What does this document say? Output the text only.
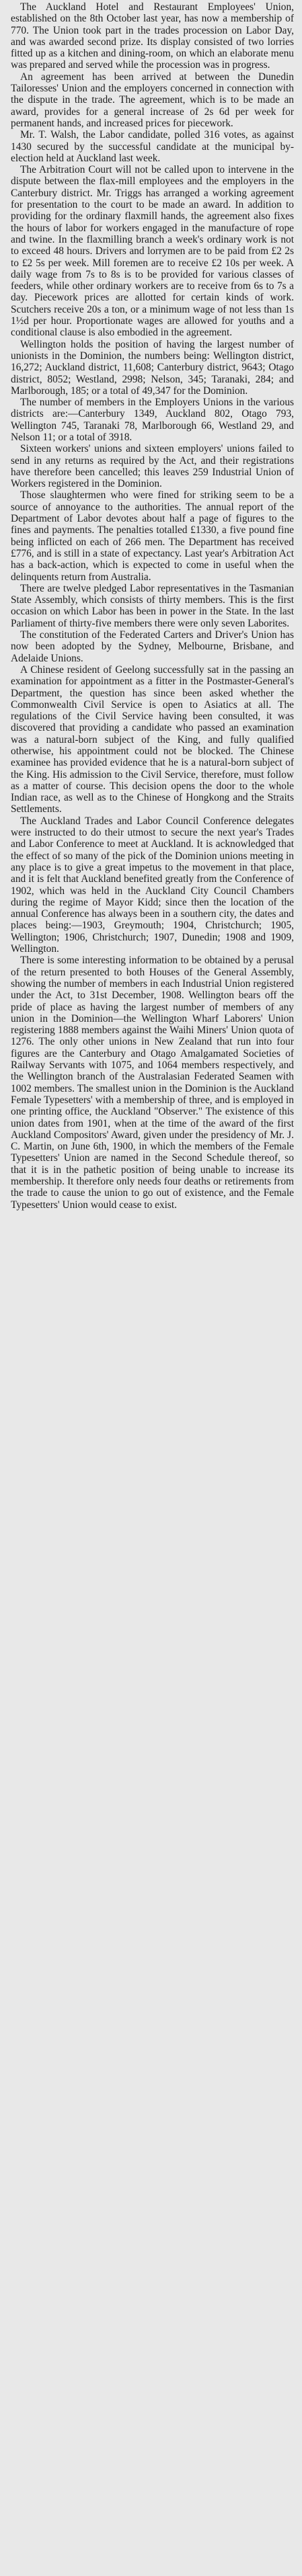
The Auckland Hotel and Restaurant Employees' Union, established on the 8th October last year, has now a membership of 770. The Union took part in the trades procession on Labor Day, and was awarded second prize. Its display consisted of two lorries fitted up as a kitchen and dining-room, on which an elaborate menu was prepared and served while the procession was in progress.

An agreement has been arrived at between the Dunedin Tailoresses' Union and the employers concerned in connection with the dispute in the trade. The agreement, which is to be made an award, provides for a general increase of 2s 6d per week for permanent hands, and increased prices for piecework.

Mr. T. Walsh, the Labor candidate, polled 316 votes, as against 1430 secured by the successful candidate at the municipal by-election held at Auckland last week.

The Arbitration Court will not be called upon to intervene in the dispute between the flax-mill employees and the employers in the Canterbury district. Mr. Triggs has arranged a working agreement for presentation to the court to be made an award. In addition to providing for the ordinary flaxmill hands, the agreement also fixes the hours of labor for workers engaged in the manufacture of rope and twine. In the flaxmilling branch a week's ordinary work is not to exceed 48 hours. Drivers and lorrymen are to be paid from £2 2s to £2 5s per week. Mill foremen are to receive £2 10s per week. A daily wage from 7s to 8s is to be provided for various classes of feeders, while other ordinary workers are to receive from 6s to 7s a day. Piecework prices are allotted for certain kinds of work. Scutchers receive 20s a ton, or a minimum wage of not less than 1s 1½d per hour. Proportionate wages are allowed for youths and a conditional clause is also embodied in the agreement.

Wellington holds the position of having the largest number of unionists in the Dominion, the numbers being: Wellington district, 16,272; Auckland district, 11,608; Canterbury district, 9643; Otago district, 8052; Westland, 2998; Nelson, 345; Taranaki, 284; and Marlborough, 185; or a total of 49,347 for the Dominion.

The number of members in the Employers Unions in the various districts are:—Canterbury 1349, Auckland 802, Otago 793, Wellington 745, Taranaki 78, Marlborough 66, Westland 29, and Nelson 11; or a total of 3918.

Sixteen workers' unions and sixteen employers' unions failed to send in any returns as required by the Act, and their registrations have therefore been cancelled; this leaves 259 Industrial Union of Workers registered in the Dominion.

Those slaughtermen who were fined for striking seem to be a source of annoyance to the authorities. The annual report of the Department of Labor devotes about half a page of figures to the fines and payments. The penalties totalled £1330, a five pound fine being inflicted on each of 266 men. The Department has received £776, and is still in a state of expectancy. Last year's Arbitration Act has a back-action, which is expected to come in useful when the delinquents return from Australia.

There are twelve pledged Labor representatives in the Tasmanian State Assembly, which consists of thirty members. This is the first occasion on which Labor has been in power in the State. In the last Parliament of thirty-five members there were only seven Laborites.

The constitution of the Federated Carters and Driver's Union has now been adopted by the Sydney, Melbourne, Brisbane, and Adelaide Unions.

A Chinese resident of Geelong successfully sat in the passing an examination for appointment as a fitter in the Postmaster-General's Department, the question has since been asked whether the Commonwealth Civil Service is open to Asiatics at all. The regulations of the Civil Service having been consulted, it was discovered that providing a candidate who passed an examination was a natural-born subject of the King, and fully qualified otherwise, his appointment could not be blocked. The Chinese examinee has provided evidence that he is a natural-born subject of the King. His admission to the Civil Service, therefore, must follow as a matter of course. This decision opens the door to the whole Indian race, as well as to the Chinese of Hongkong and the Straits Settlements.

The Auckland Trades and Labor Council Conference delegates were instructed to do their utmost to secure the next year's Trades and Labor Conference to meet at Auckland. It is acknowledged that the effect of so many of the pick of the Dominion unions meeting in any place is to give a great impetus to the movement in that place, and it is felt that Auckland benefited greatly from the Conference of 1902, which was held in the Auckland City Council Chambers during the regime of Mayor Kidd; since then the location of the annual Conference has always been in a southern city, the dates and places being:—1903, Greymouth; 1904, Christchurch; 1905, Wellington; 1906, Christchurch; 1907, Dunedin; 1908 and 1909, Wellington.

There is some interesting information to be obtained by a perusal of the return presented to both Houses of the General Assembly, showing the number of members in each Industrial Union registered under the Act, to 31st December, 1908. Wellington bears off the pride of place as having the largest number of members of any union in the Dominion—the Wellington Wharf Laborers' Union registering 1888 members against the Waihi Miners' Union quota of 1276. The only other unions in New Zealand that run into four figures are the Canterbury and Otago Amalgamated Societies of Railway Servants with 1075, and 1064 members respectively, and the Wellington branch of the Australasian Federated Seamen with 1002 members. The smallest union in the Dominion is the Auckland Female Typesetters' with a membership of three, and is employed in one printing office, the Auckland "Observer." The existence of this union dates from 1901, when at the time of the award of the first Auckland Compositors' Award, given under the presidency of Mr. J. C. Martin, on June 6th, 1900, in which the members of the Female Typesetters' Union are named in the Second Schedule thereof, so that it is in the pathetic position of being unable to increase its membership. It therefore only needs four deaths or retirements from the trade to cause the union to go out of existence, and the Female Typesetters' Union would cease to exist.
